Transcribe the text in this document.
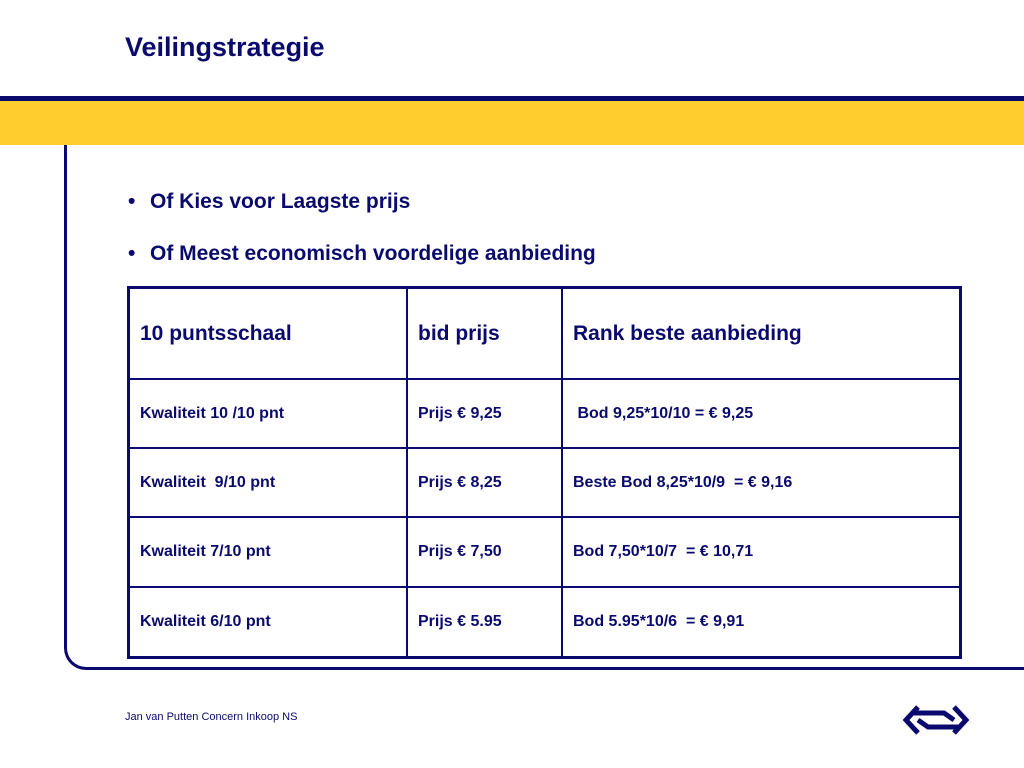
Veilingstrategie
• Of Kies voor Laagste prijs
• Of Meest economisch voordelige aanbieding
10 puntsschaal	bid prijs	Rank beste aanbieding
Kwaliteit 10 /10 pnt	Prijs € 9,25	Bod 9,25*10/10 = € 9,25
Kwaliteit  9/10 pnt	Prijs € 8,25	Beste Bod 8,25*10/9  = € 9,16
Kwaliteit 7/10 pnt	Prijs € 7,50	Bod 7,50*10/7  = € 10,71
Kwaliteit 6/10 pnt	Prijs € 5.95	Bod 5.95*10/6  = € 9,91
Jan van Putten Concern Inkoop NS
